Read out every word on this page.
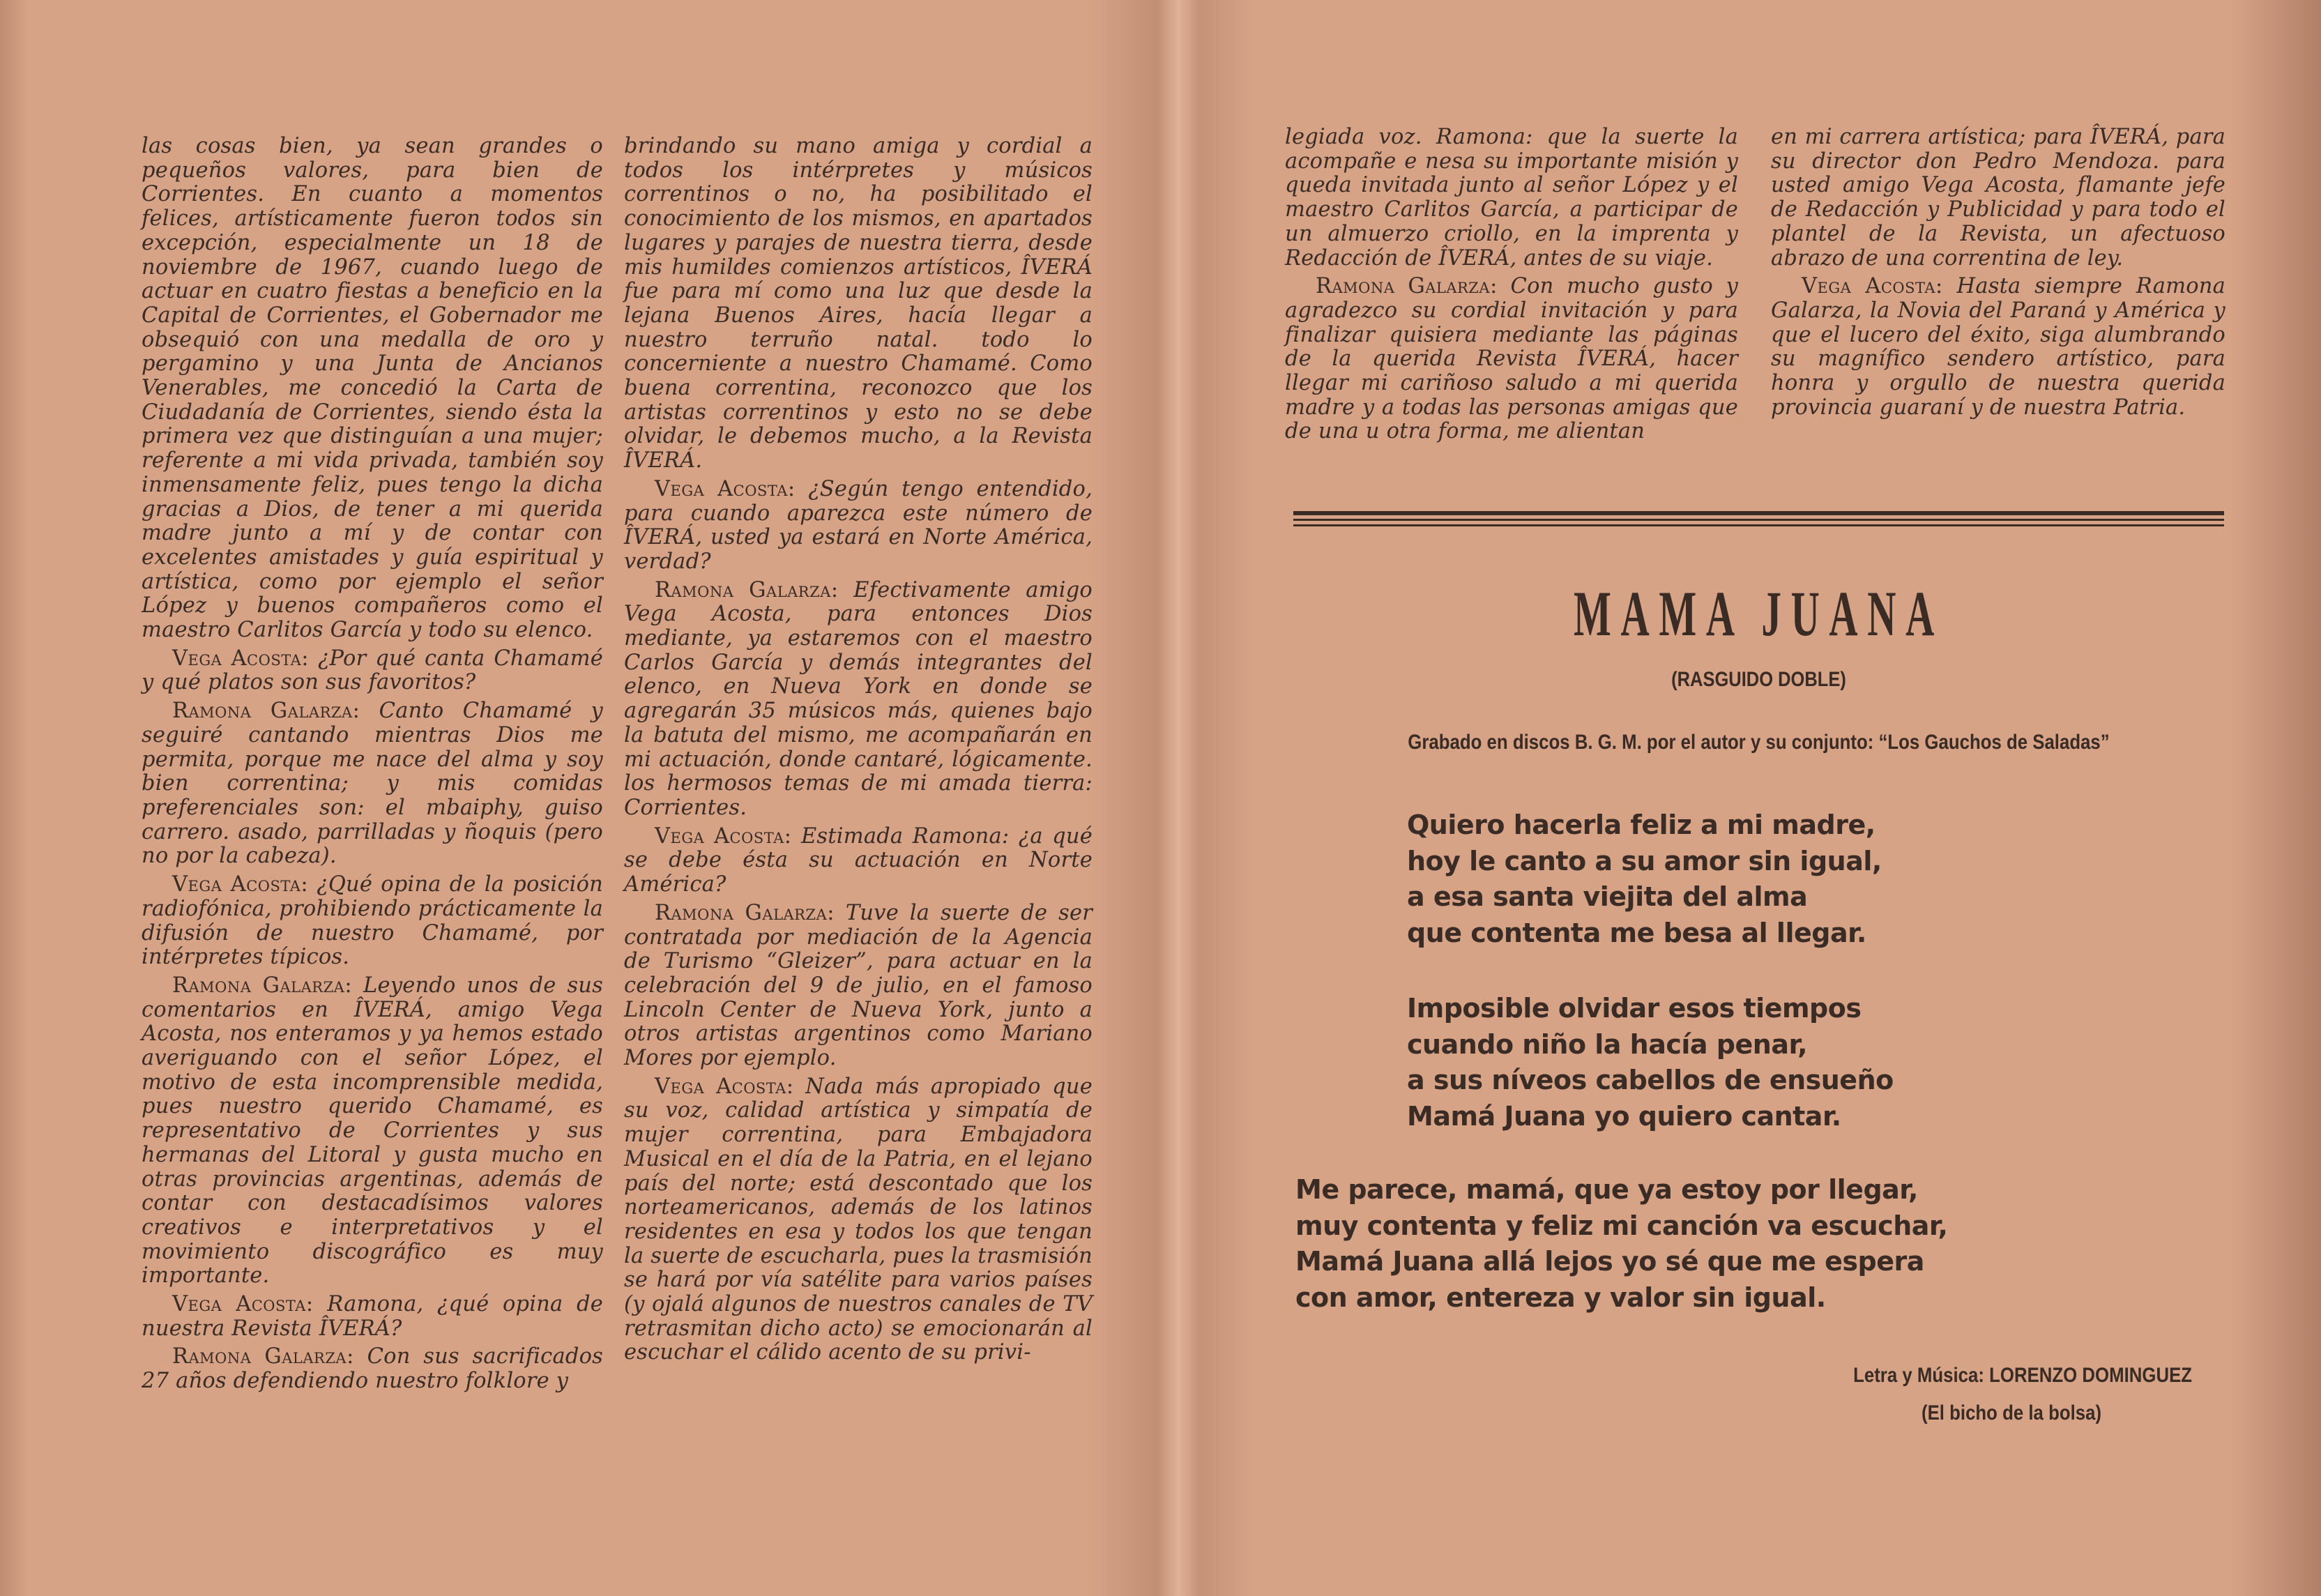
las cosas bien, ya sean grandes o pequeños valores, para bien de Corrientes. En cuanto a momentos felices, artísticamente fueron todos sin excepción, especialmente un 18 de noviembre de 1967, cuando luego de actuar en cuatro fiestas a beneficio en la Capital de Corrientes, el Gobernador me obsequió con una medalla de oro y pergamino y una Junta de Ancianos Venerables, me concedió la Carta de Ciudadanía de Corrientes, siendo ésta la primera vez que distinguían a una mujer; referente a mi vida privada, también soy inmensamente feliz, pues tengo la dicha gracias a Dios, de tener a mi querida madre junto a mí y de contar con excelentes amistades y guía espiritual y artística, como por ejemplo el señor López y buenos compañeros como el maestro Carlitos García y todo su elenco.

Vega Acosta: ¿Por qué canta Chamamé y qué platos son sus favoritos?

Ramona Galarza: Canto Chamamé y seguiré cantando mientras Dios me permita, porque me nace del alma y soy bien correntina; y mis comidas preferenciales son: el mbaiphy, guiso carrero. asado, parrilladas y ñoquis (pero no por la cabeza).

Vega Acosta: ¿Qué opina de la posición radiofónica, prohibiendo prácticamente la difusión de nuestro Chamamé, por intérpretes típicos.

Ramona Galarza: Leyendo unos de sus comentarios en ÎVERÁ, amigo Vega Acosta, nos enteramos y ya hemos estado averiguando con el señor López, el motivo de esta incomprensible medida, pues nuestro querido Chamamé, es representativo de Corrientes y sus hermanas del Litoral y gusta mucho en otras provincias argentinas, además de contar con destacadísimos valores creativos e interpretativos y el movimiento discográfico es muy importante.

Vega Acosta: Ramona, ¿qué opina de nuestra Revista ÎVERÁ?

Ramona Galarza: Con sus sacrificados 27 años defendiendo nuestro folklore y

brindando su mano amiga y cordial a todos los intérpretes y músicos correntinos o no, ha posibilitado el conocimiento de los mismos, en apartados lugares y parajes de nuestra tierra, desde mis humildes comienzos artísticos, ÎVERÁ fue para mí como una luz que desde la lejana Buenos Aires, hacía llegar a nuestro terruño natal. todo lo concerniente a nuestro Chamamé. Como buena correntina, reconozco que los artistas correntinos y esto no se debe olvidar, le debemos mucho, a la Revista ÎVERÁ.

Vega Acosta: ¿Según tengo entendido, para cuando aparezca este número de ÎVERÁ, usted ya estará en Norte América, verdad?

Ramona Galarza: Efectivamente amigo Vega Acosta, para entonces Dios mediante, ya estaremos con el maestro Carlos García y demás integrantes del elenco, en Nueva York en donde se agregarán 35 músicos más, quienes bajo la batuta del mismo, me acompañarán en mi actuación, donde cantaré, lógicamente. los hermosos temas de mi amada tierra: Corrientes.

Vega Acosta: Estimada Ramona: ¿a qué se debe ésta su actuación en Norte América?

Ramona Galarza: Tuve la suerte de ser contratada por mediación de la Agencia de Turismo “Gleizer”, para actuar en la celebración del 9 de julio, en el famoso Lincoln Center de Nueva York, junto a otros artistas argentinos como Mariano Mores por ejemplo.

Vega Acosta: Nada más apropiado que su voz, calidad artística y simpatía de mujer correntina, para Embajadora Musical en el día de la Patria, en el lejano país del norte; está descontado que los norteamericanos, además de los latinos residentes en esa y todos los que tengan la suerte de escucharla, pues la trasmisión se hará por vía satélite para varios países (y ojalá algunos de nuestros canales de TV retrasmitan dicho acto) se emocionarán al escuchar el cálido acento de su privi-

legiada voz. Ramona: que la suerte la acompañe e nesa su importante misión y queda invitada junto al señor López y el maestro Carlitos García, a participar de un almuerzo criollo, en la imprenta y Redacción de ÎVERÁ, antes de su viaje.

Ramona Galarza: Con mucho gusto y agradezco su cordial invitación y para finalizar quisiera mediante las páginas de la querida Revista ÎVERÁ, hacer llegar mi cariñoso saludo a mi querida madre y a todas las personas amigas que de una u otra forma, me alientan

en mi carrera artística; para ÎVERÁ, para su director don Pedro Mendoza. para usted amigo Vega Acosta, flamante jefe de Redacción y Publicidad y para todo el plantel de la Revista, un afectuoso abrazo de una correntina de ley.

Vega Acosta: Hasta siempre Ramona Galarza, la Novia del Paraná y América y que el lucero del éxito, siga alumbrando su magnífico sendero artístico, para honra y orgullo de nuestra querida provincia guaraní y de nuestra Patria.

MAMA JUANA
(RASGUIDO DOBLE)
Grabado en discos B. G. M. por el autor y su conjunto: “Los Gauchos de Saladas”
Quiero hacerla feliz a mi madre,
hoy le canto a su amor sin igual,
a esa santa viejita del alma
que contenta me besa al llegar.
Imposible olvidar esos tiempos
cuando niño la hacía penar,
a sus níveos cabellos de ensueño
Mamá Juana yo quiero cantar.
Me parece, mamá, que ya estoy por llegar,
muy contenta y feliz mi canción va escuchar,
Mamá Juana allá lejos yo sé que me espera
con amor, entereza y valor sin igual.
Letra y Música: LORENZO DOMINGUEZ
(El bicho de la bolsa)
